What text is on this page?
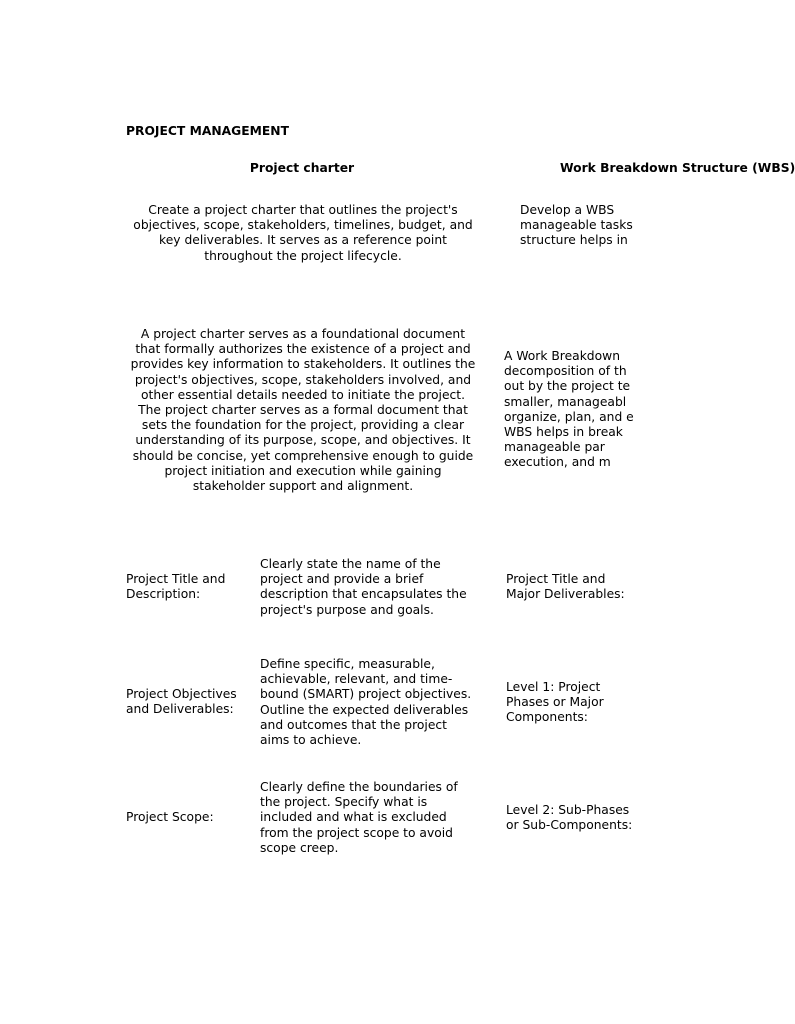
PROJECT MANAGEMENT
Project charter	Work Breakdown Structure (WBS)
Create a project charter that outlines the project's
objectives, scope, stakeholders, timelines, budget, and
key deliverables. It serves as a reference point
throughout the project lifecycle.
Develop a WBS
manageable tasks
structure helps in
A project charter serves as a foundational document
that formally authorizes the existence of a project and
provides key information to stakeholders. It outlines the
project's objectives, scope, stakeholders involved, and
other essential details needed to initiate the project.
The project charter serves as a formal document that
sets the foundation for the project, providing a clear
understanding of its purpose, scope, and objectives. It
should be concise, yet comprehensive enough to guide
project initiation and execution while gaining
stakeholder support and alignment.
A Work Breakdown
decomposition of th
out by the project te
smaller, manageabl
organize, plan, and e
WBS helps in break
manageable par
execution, and m
Project Title and
Description:
Clearly state the name of the
project and provide a brief
description that encapsulates the
project's purpose and goals.
Project Title and
Major Deliverables:
Project Objectives
and Deliverables:
Define specific, measurable,
achievable, relevant, and time-
bound (SMART) project objectives.
Outline the expected deliverables
and outcomes that the project
aims to achieve.
Level 1: Project
Phases or Major
Components:
Project Scope:
Clearly define the boundaries of
the project. Specify what is
included and what is excluded
from the project scope to avoid
scope creep.
Level 2: Sub-Phases
or Sub-Components:
